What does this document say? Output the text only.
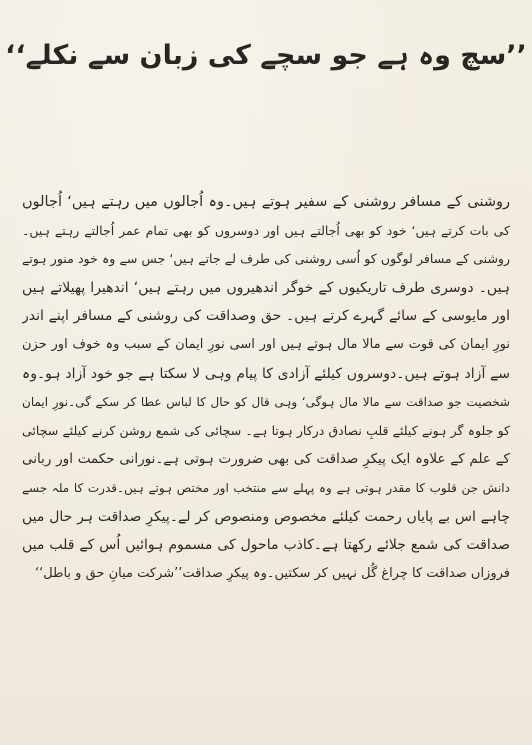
’’سچ وہ ہے جو سچے کی زبان سے نکلے‘‘
روشنی کے مسافر روشنی کے سفیر ہوتے ہیں۔وہ اُجالوں میں رہتے ہیں‘ اُجالوں
کی بات کرتے ہیں‘ خود کو بھی اُجالتے ہیں اور دوسروں کو بھی تمام عمر اُجالتے رہتے ہیں۔
روشنی کے مسافر لوگوں کو اُسی روشنی کی طرف لے جاتے ہیں‘ جس سے وہ خود منور ہوتے
ہیں۔ دوسری طرف تاریکیوں کے خوگر اندھیروں میں رہتے ہیں‘ اندھیرا پھیلاتے ہیں
اور مایوسی کے سائے گہرے کرتے ہیں۔ حق وصداقت کی روشنی کے مسافر اپنے اندر
نورِ ایمان کی قوت سے مالا مال ہوتے ہیں اور اسی نورِ ایمان کے سبب وہ خوف اور حزن
سے آزاد ہوتے ہیں۔دوسروں کیلئے آزادی کا پیام وہی لا سکتا ہے جو خود آزاد ہو۔وہ
شخصیت جو صداقت سے مالا مال ہوگی‘ وہی قال کو حال کا لباس عطا کر سکے گی۔نورِ ایمان
کو جلوہ گر ہونے کیلئے قلبِ نصادق درکار ہوتا ہے۔ سچائی کی شمع روشن کرنے کیلئے سچائی
کے علم کے علاوہ ایک پیکرِ صداقت کی بھی ضرورت ہوتی ہے۔نورانی حکمت اور ربانی
دانش جن قلوب کا مقدر ہوتی ہے وہ پہلے سے منتخب اور مختص ہوتے ہیں۔قدرت کا ملہ جسے
چاہے اس بے پایاں رحمت کیلئے مخصوص ومنصوص کر لے۔پیکرِ صداقت ہر حال میں
صداقت کی شمع جلائے رکھتا ہے۔کاذب ماحول کی مسموم ہوائیں اُس کے قلب میں
فروزاں صداقت کا چراغ گُل نہیں کر سکتیں۔وہ پیکرِ صداقت’’شرکت میانِ حق و باطل‘‘
